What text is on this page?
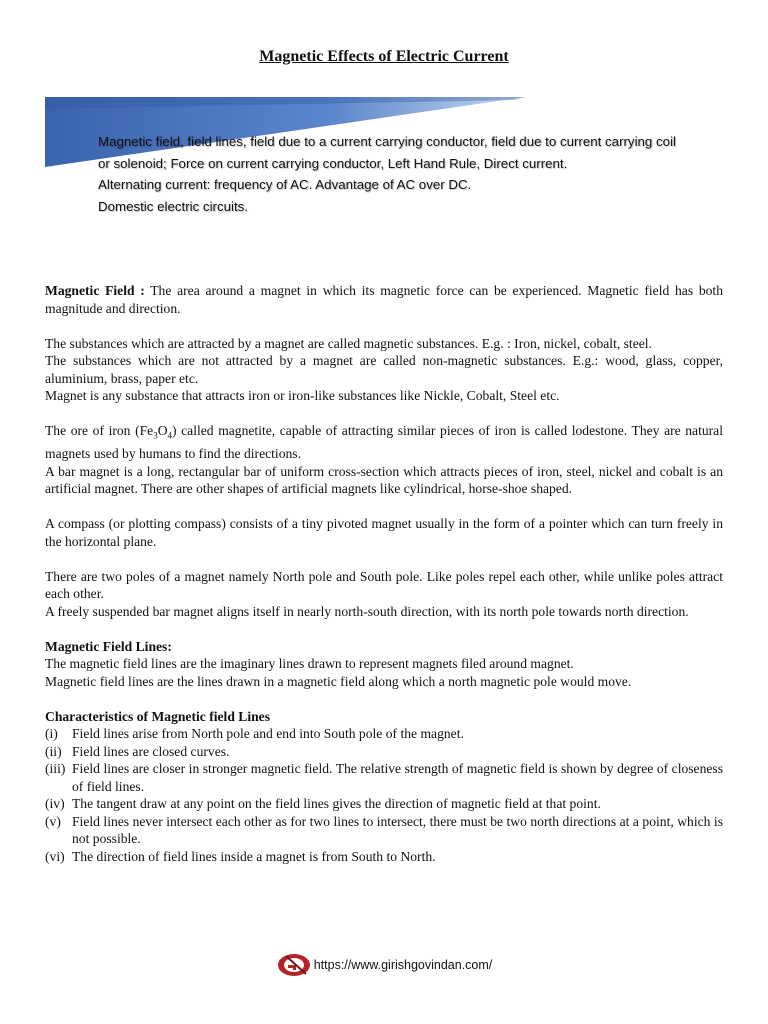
Magnetic Effects of Electric Current
Magnetic field, field lines, field due to a current carrying conductor, field due to current carrying coil
or solenoid; Force on current carrying conductor, Left Hand Rule, Direct current.
Alternating current: frequency of AC. Advantage of AC over DC.
Domestic electric circuits.

Magnetic Field : The area around a magnet in which its magnetic force can be experienced. Magnetic field has both magnitude and direction.

The substances which are attracted by a magnet are called magnetic substances. E.g. : Iron, nickel, cobalt, steel.

The substances which are not attracted by a magnet are called non-magnetic substances. E.g.: wood, glass, copper, aluminium, brass, paper etc.

Magnet is any substance that attracts iron or iron-like substances like Nickle, Cobalt, Steel etc.

The ore of iron $(Fe_3O_4)$ called magnetite, capable of attracting similar pieces of iron is called lodestone. They are natural magnets used by humans to find the directions.

A bar magnet is a long, rectangular bar of uniform cross-section which attracts pieces of iron, steel, nickel and cobalt is an artificial magnet. There are other shapes of artificial magnets like cylindrical, horse-shoe shaped.

A compass (or plotting compass) consists of a tiny pivoted magnet usually in the form of a pointer which can turn freely in the horizontal plane.

There are two poles of a magnet namely North pole and South pole. Like poles repel each other, while unlike poles attract each other.

A freely suspended bar magnet aligns itself in nearly north-south direction, with its north pole towards north direction.

Magnetic Field Lines:

The magnetic field lines are the imaginary lines drawn to represent magnets filed around magnet.

Magnetic field lines are the lines drawn in a magnetic field along which a north magnetic pole would move.

Characteristics of Magnetic field Lines

(i)	Field lines arise from North pole and end into South pole of the magnet.
(ii) Field lines are closed curves.
(iii) Field lines are closer in stronger magnetic field. The relative strength of magnetic field is shown by degree of closeness of field lines.
(iv) The tangent draw at any point on the field lines gives the direction of magnetic field at that point.
(v) Field lines never intersect each other as for two lines to intersect, there must be two north directions at a point, which is not possible.
(vi) The direction of field lines inside a magnet is from South to North.
https://www.girishgovindan.com/
